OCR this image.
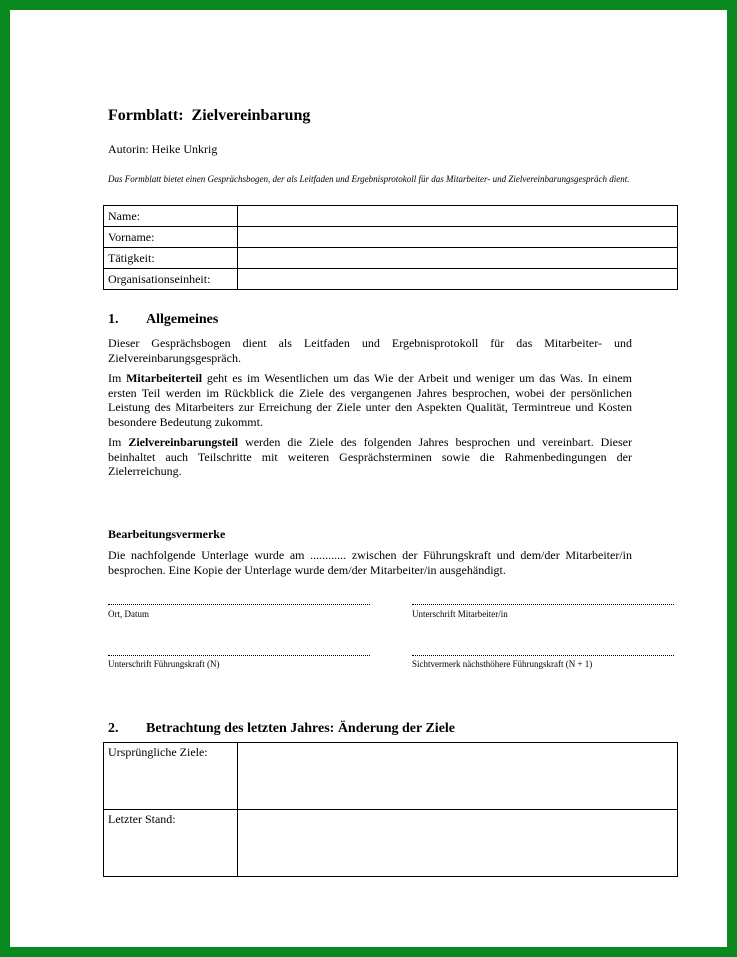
Formblatt:  Zielvereinbarung
Autorin: Heike Unkrig
Das Formblatt bietet einen Gesprächsbogen, der als Leitfaden und Ergebnisprotokoll für das Mitarbeiter- und Zielvereinbarungsgespräch dient.
Name:	
Vorname:	
Tätigkeit:	
Organisationseinheit:	
1. Allgemeines
Dieser Gesprächsbogen dient als Leitfaden und Ergebnisprotokoll für das Mitarbeiter- und Zielvereinbarungsgespräch.
Im Mitarbeiterteil geht es im Wesentlichen um das Wie der Arbeit und weniger um das Was. In einem ersten Teil werden im Rückblick die Ziele des vergangenen Jahres besprochen, wobei der persönlichen Leistung des Mitarbeiters zur Erreichung der Ziele unter den Aspekten Qualität, Termintreue und Kosten besondere Bedeutung zukommt.
Im Zielvereinbarungsteil werden die Ziele des folgenden Jahres besprochen und vereinbart. Dieser beinhaltet auch Teilschritte mit weiteren Gesprächsterminen sowie die Rahmenbedingungen der Zielerreichung.
Bearbeitungsvermerke
Die nachfolgende Unterlage wurde am ............ zwischen der Führungskraft und dem/der Mitarbeiter/in besprochen. Eine Kopie der Unterlage wurde dem/der Mitarbeiter/in ausgehändigt.
Ort, Datum	Unterschrift Mitarbeiter/in
Unterschrift Führungskraft (N)	Sichtvermerk nächsthöhere Führungskraft (N + 1)
2. Betrachtung des letzten Jahres: Änderung der Ziele
Ursprüngliche Ziele:	
Letzter Stand:	
